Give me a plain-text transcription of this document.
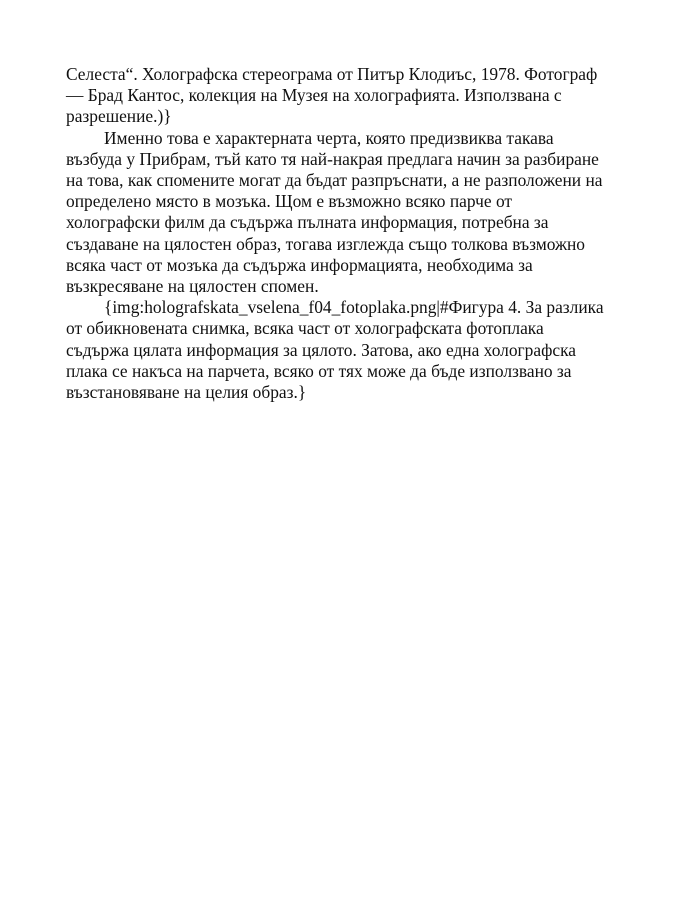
Селеста“. Холографска стереограма от Питър Клодиъс, 1978. Фотограф
— Брад Кантос, колекция на Музея на холографията. Използвана с
разрешение.)}
Именно това е характерната черта, която предизвиква такава
възбуда у Прибрам, тъй като тя най-накрая предлага начин за разбиране
на това, как спомените могат да бъдат разпръснати, а не разположени на
определено място в мозъка. Щом е възможно всяко парче от
холографски филм да съдържа пълната информация, потребна за
създаване на цялостен образ, тогава изглежда също толкова възможно
всяка част от мозъка да съдържа информацията, необходима за
възкресяване на цялостен спомен.
{img:holografskata_vselena_f04_fotoplaka.png|#Фигура 4. За разлика
от обикновената снимка, всяка част от холографската фотоплака
съдържа цялата информация за цялото. Затова, ако една холографска
плака се накъса на парчета, всяко от тях може да бъде използвано за
възстановяване на целия образ.}
